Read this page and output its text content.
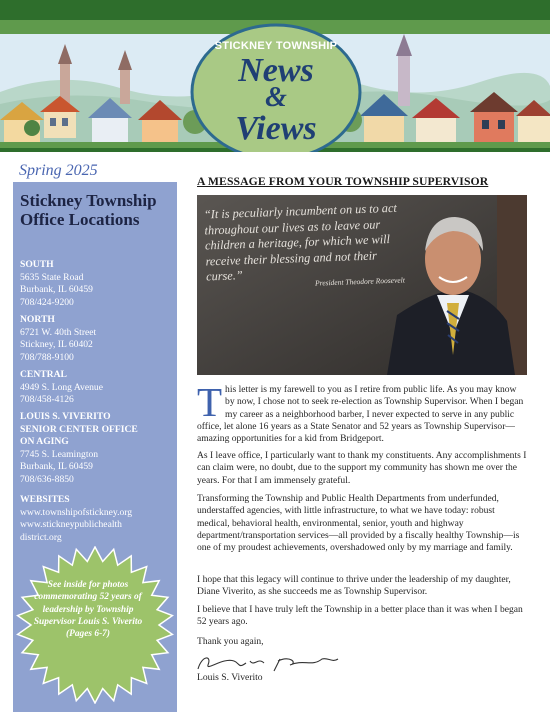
STICKNEY TOWNSHIP
News
&
Views
Spring 2025
Stickney Township Office Locations
SOUTH
5635 State Road
Burbank, IL 60459
708/424-9200
NORTH
6721 W. 40th Street
Stickney, IL 60402
708/788-9100
CENTRAL
4949 S. Long Avenue
708/458-4126
LOUIS S. VIVERITO SENIOR CENTER OFFICE ON AGING
7745 S. Leamington
Burbank, IL 60459
708/636-8850
WEBSITES
www.townshipofstickney.org
www.stickneypublichealth district.org
See inside for photos commemorating 52 years of leadership by Township Supervisor Louis S. Viverito (Pages 6-7)
A MESSAGE FROM YOUR TOWNSHIP SUPERVISOR
“It is peculiarly incumbent on us to act throughout our lives as to leave our children a heritage, for which we will receive their blessing and not their curse.”	President Theodore Roosevelt
This letter is my farewell to you as I retire from public life. As you may know by now, I chose not to seek re-election as Township Supervisor. When I began my career as a neighborhood barber, I never expected to serve in any public office, let alone 16 years as a State Senator and 52 years as Township Supervisor—amazing opportunities for a kid from Bridgeport.
As I leave office, I particularly want to thank my constituents. Any accomplishments I can claim were, no doubt, due to the support my community has shown me over the years. For that I am immensely grateful.
Transforming the Township and Public Health Departments from underfunded, understaffed agencies, with little infrastructure, to what we have today: robust medical, behavioral health, environmental, senior, youth and highway department/transportation services—all provided by a fiscally healthy Township—is one of my proudest achievements, overshadowed only by my marriage and family.
I hope that this legacy will continue to thrive under the leadership of my daughter, Diane Viverito, as she succeeds me as Township Supervisor.
I believe that I have truly left the Township in a better place than it was when I began 52 years ago.
Thank you again,
Louis S. Viverito
